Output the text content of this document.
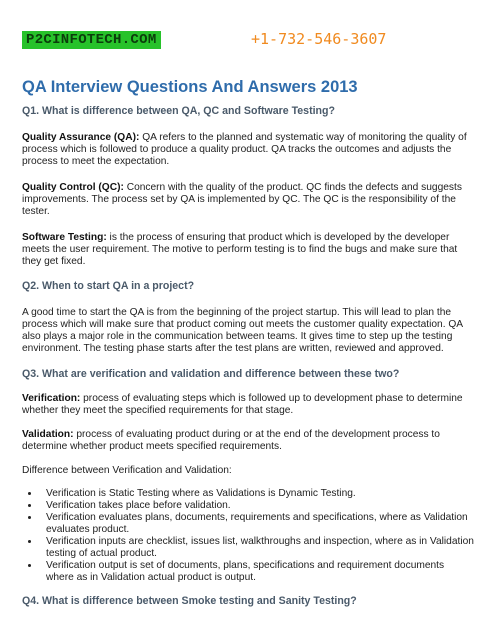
P2CINFOTECH.COM	+1-732-546-3607
QA Interview Questions And Answers 2013

Q1. What is difference between QA, QC and Software Testing?

Quality Assurance (QA): QA refers to the planned and systematic way of monitoring the quality of process which is followed to produce a quality product. QA tracks the outcomes and adjusts the process to meet the expectation.

Quality Control (QC): Concern with the quality of the product. QC finds the defects and suggests improvements. The process set by QA is implemented by QC. The QC is the responsibility of the tester.

Software Testing: is the process of ensuring that product which is developed by the developer meets the user requirement. The motive to perform testing is to find the bugs and make sure that they get fixed.

Q2. When to start QA in a project?

A good time to start the QA is from the beginning of the project startup. This will lead to plan the process which will make sure that product coming out meets the customer quality expectation. QA also plays a major role in the communication between teams. It gives time to step up the testing environment. The testing phase starts after the test plans are written, reviewed and approved.

Q3. What are verification and validation and difference between these two?

Verification: process of evaluating steps which is followed up to development phase to determine whether they meet the specified requirements for that stage.

Validation: process of evaluating product during or at the end of the development process to determine whether product meets specified requirements.

Difference between Verification and Validation:

• Verification is Static Testing where as Validations is Dynamic Testing.
• Verification takes place before validation.
• Verification evaluates plans, documents, requirements and specifications, where as Validation evaluates product.
• Verification inputs are checklist, issues list, walkthroughs and inspection, where as in Validation testing of actual product.
• Verification output is set of documents, plans, specifications and requirement documents where as in Validation actual product is output.

Q4. What is difference between Smoke testing and Sanity Testing?
